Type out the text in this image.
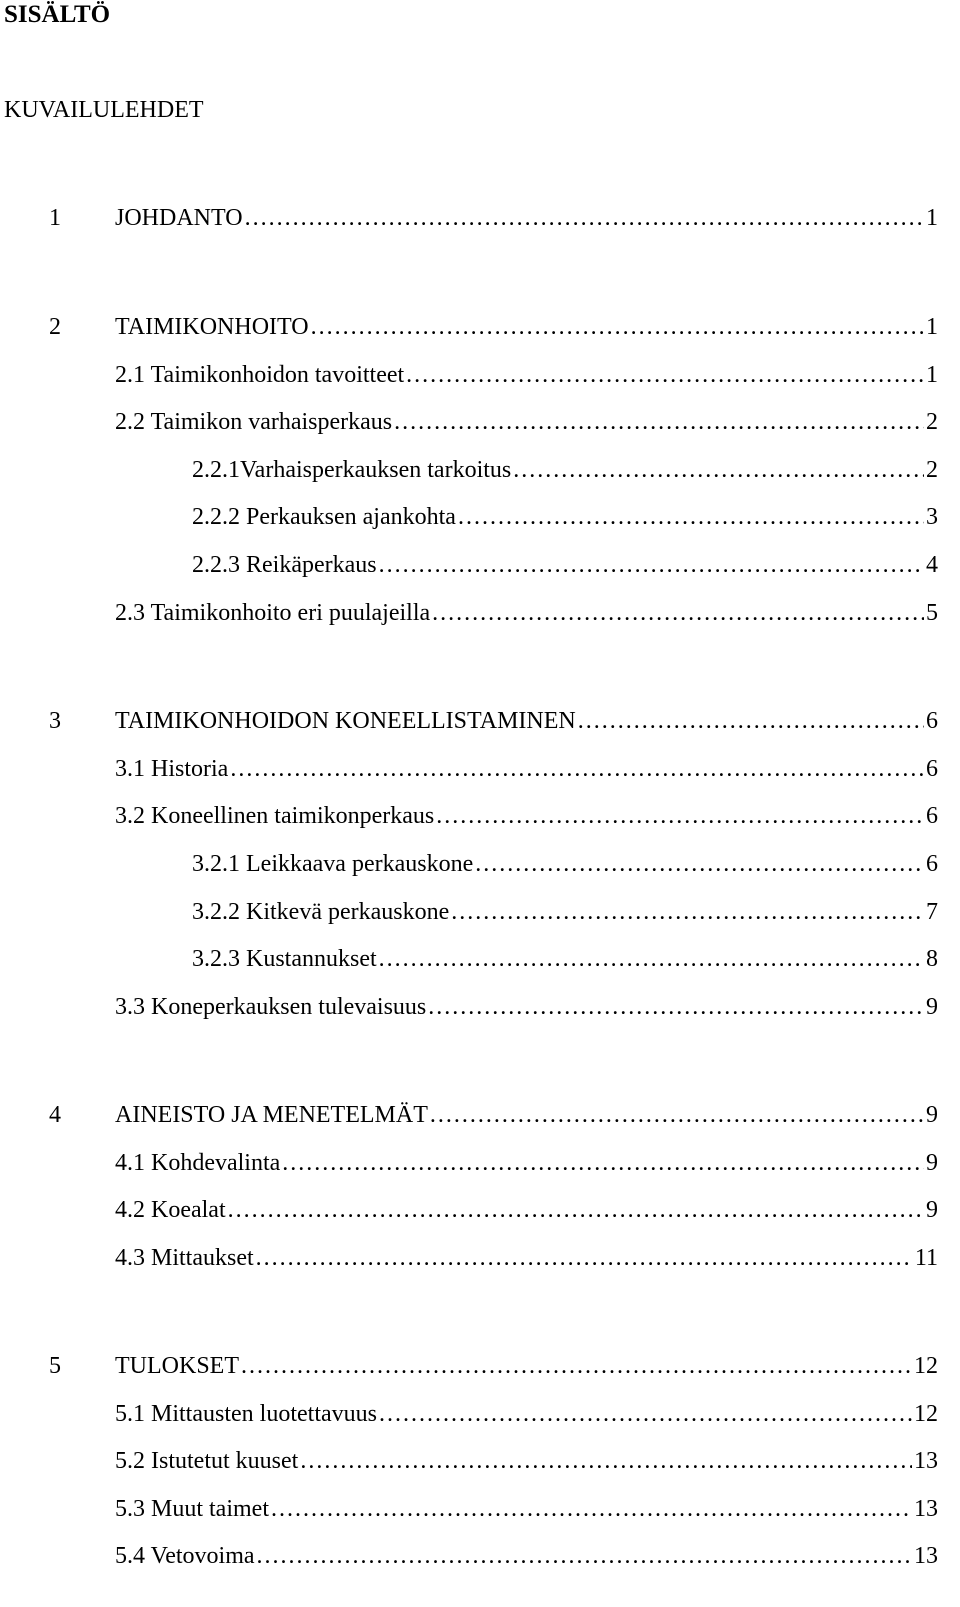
SISÄLTÖ
KUVAILULEHDET
1 JOHDANTO . . .	1
2 TAIMIKONHOITO . . .	1
2.1 Taimikonhoidon tavoitteet . . .	1
2.2 Taimikon varhaisperkaus . . .	2
2.2.1Varhaisperkauksen tarkoitus . . .	2
2.2.2 Perkauksen ajankohta . . .	3
2.2.3 Reikäperkaus . . .	4
2.3 Taimikonhoito eri puulajeilla . . .	5
3 TAIMIKONHOIDON KONEELLISTAMINEN . . .	6
3.1 Historia . . .	6
3.2 Koneellinen taimikonperkaus . . .	6
3.2.1 Leikkaava perkauskone . . .	6
3.2.2 Kitkevä perkauskone . . .	7
3.2.3 Kustannukset . . .	8
3.3 Koneperkauksen tulevaisuus . . .	9
4 AINEISTO JA MENETELMÄT . . .	9
4.1 Kohdevalinta . . .	9
4.2 Koealat . . .	9
4.3 Mittaukset . . .	11
5 TULOKSET . . .	12
5.1 Mittausten luotettavuus . . .	12
5.2 Istutetut kuuset . . .	13
5.3 Muut taimet . . .	13
5.4 Vetovoima . . .	13
